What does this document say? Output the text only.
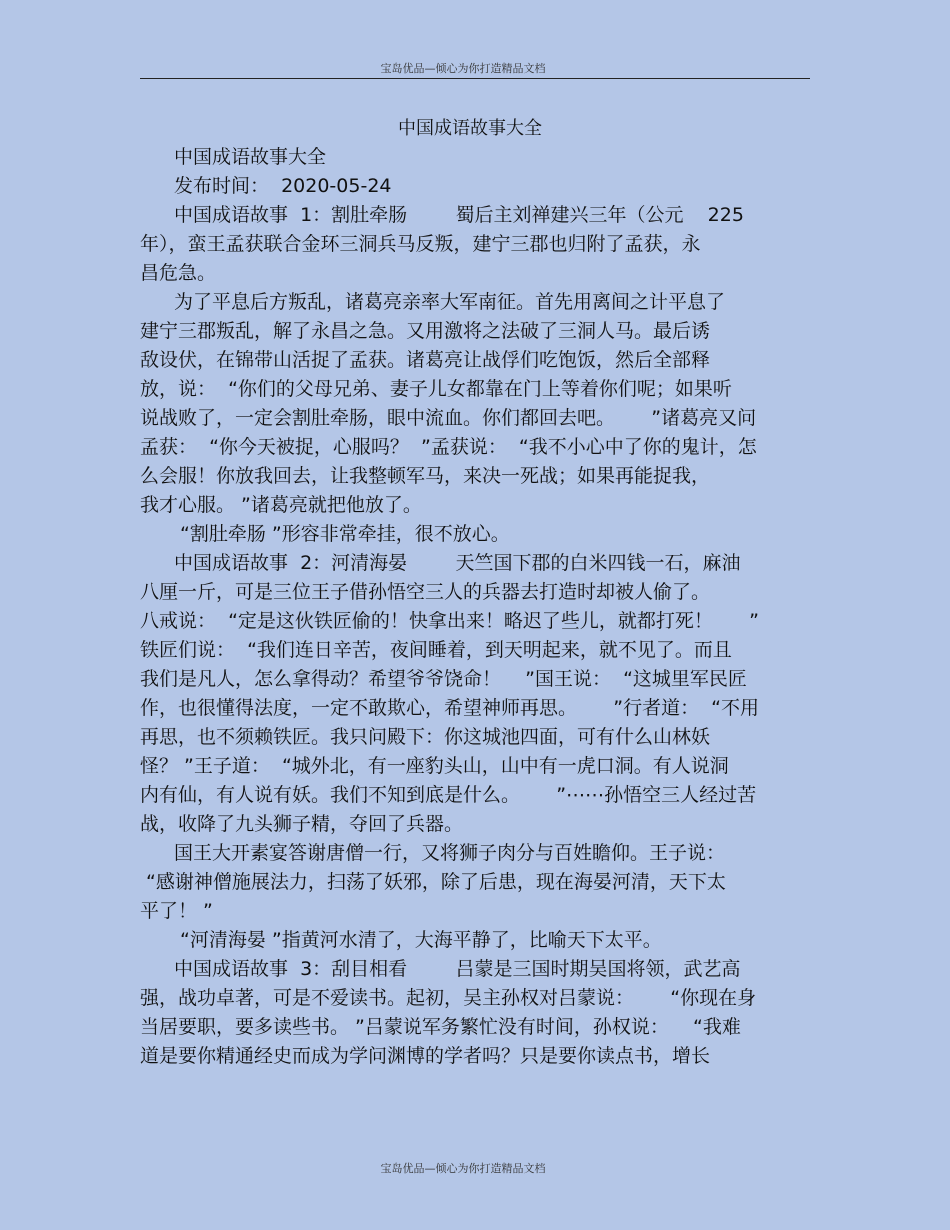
宝岛优品—倾心为你打造精品文档
中国成语故事大全
中国成语故事大全
发布时间：  2020-05-24
中国成语故事  1：割肚牵肠        蜀后主刘禅建兴三年（公元    225
年），蛮王孟获联合金环三洞兵马反叛，建宁三郡也归附了孟获，永
昌危急。
为了平息后方叛乱，诸葛亮亲率大军南征。首先用离间之计平息了
建宁三郡叛乱，解了永昌之急。又用激将之法破了三洞人马。最后诱
敌设伏，在锦带山活捉了孟获。诸葛亮让战俘们吃饱饭，然后全部释
放，说：  “你们的父母兄弟、妻子儿女都靠在门上等着你们呢；如果听
说战败了，一定会割肚牵肠，眼中流血。你们都回去吧。      ”诸葛亮又问
孟获：  “你今天被捉，心服吗？  ”孟获说：  “我不小心中了你的鬼计，怎
么会服！你放我回去，让我整顿军马，来决一死战；如果再能捉我，
我才心服。 ”诸葛亮就把他放了。
“割肚牵肠 ”形容非常牵挂，很不放心。
中国成语故事  2：河清海晏        天竺国下郡的白米四钱一石，麻油
八厘一斤，可是三位王子借孙悟空三人的兵器去打造时却被人偷了。
八戒说：  “定是这伙铁匠偷的！快拿出来！略迟了些儿，就都打死！      ”
铁匠们说：  “我们连日辛苦，夜间睡着，到天明起来，就不见了。而且
我们是凡人，怎么拿得动？希望爷爷饶命！    ”国王说：  “这城里军民匠
作，也很懂得法度，一定不敢欺心，希望神师再思。      ”行者道：  “不用
再思，也不须赖铁匠。我只问殿下：你这城池四面，可有什么山林妖
怪？ ”王子道：  “城外北，有一座豹头山，山中有一虎口洞。有人说洞
内有仙，有人说有妖。我们不知到底是什么。      ”⋯⋯孙悟空三人经过苦
战，收降了九头狮子精，夺回了兵器。
国王大开素宴答谢唐僧一行，又将狮子肉分与百姓瞻仰。王子说：
“感谢神僧施展法力，扫荡了妖邪，除了后患，现在海晏河清，天下太
平了！ ”
“河清海晏 ”指黄河水清了，大海平静了，比喻天下太平。
中国成语故事  3：刮目相看        吕蒙是三国时期吴国将领，武艺高
强，战功卓著，可是不爱读书。起初，吴主孙权对吕蒙说：      “你现在身
当居要职，要多读些书。 ”吕蒙说军务繁忙没有时间，孙权说：    “我难
道是要你精通经史而成为学问渊博的学者吗？只是要你读点书，增长
宝岛优品—倾心为你打造精品文档
